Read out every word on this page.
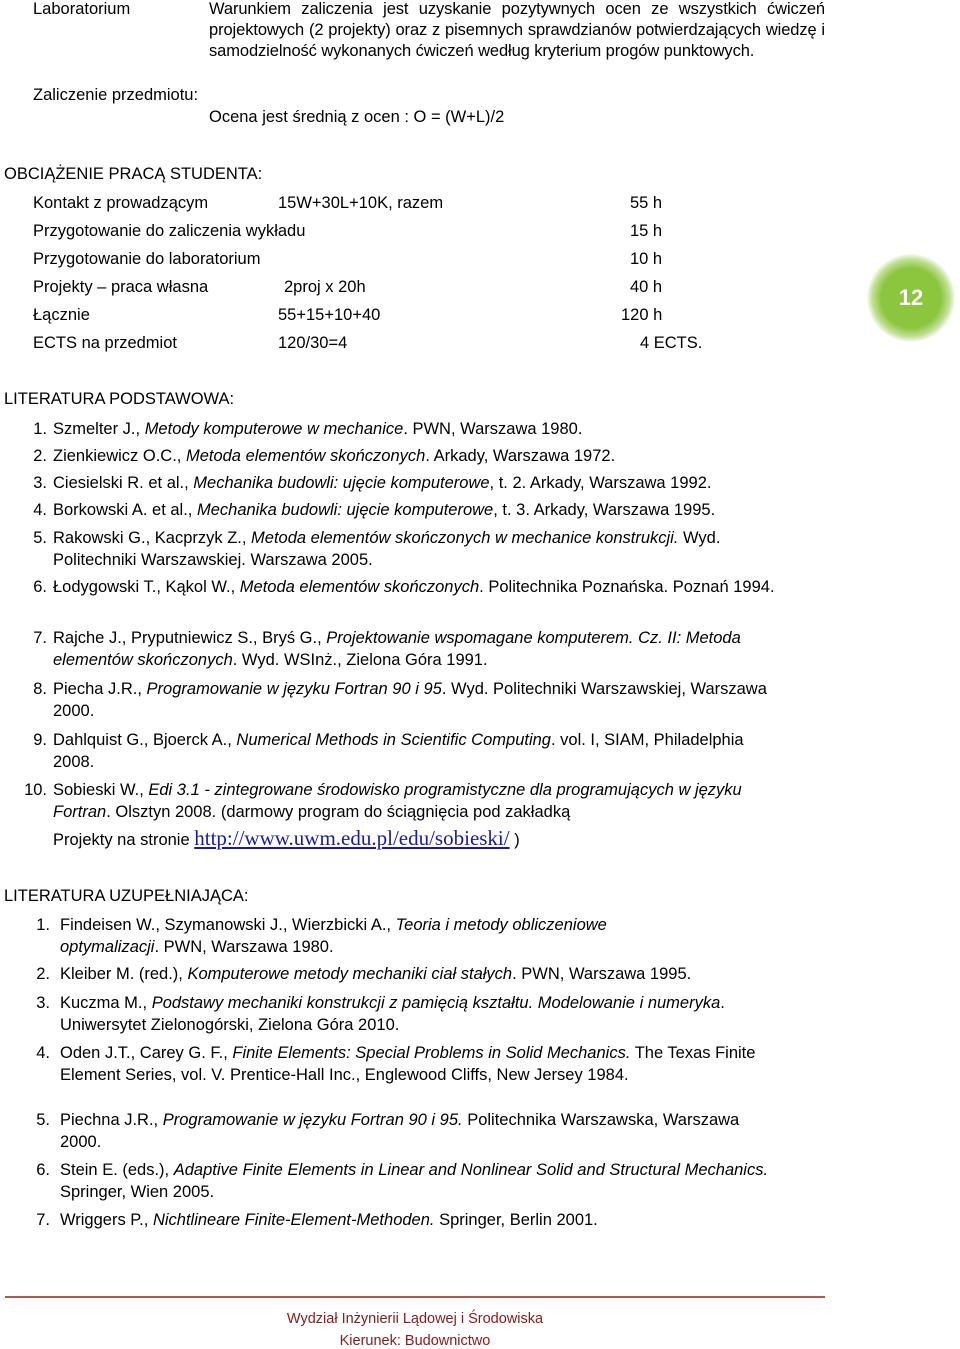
Laboratorium	Warunkiem zaliczenia jest uzyskanie pozytywnych ocen ze wszystkich ćwiczeń projektowych (2 projekty) oraz z pisemnych sprawdzianów potwierdzających wiedzę i samodzielność wykonanych ćwiczeń według kryterium progów punktowych.
Zaliczenie przedmiotu:
Ocena jest średnią z ocen : O = (W+L)/2
OBCIĄŻENIE PRACĄ STUDENTA:
Kontakt z prowadzącym	15W+30L+10K, razem	55 h
Przygotowanie do zaliczenia wykładu	15 h
Przygotowanie do laboratorium	10 h
Projekty – praca własna	2proj x 20h	40 h
Łącznie	55+15+10+40	120 h
ECTS na przedmiot	120/30=4	4 ECTS.
12
LITERATURA PODSTAWOWA:
1. Szmelter J., Metody komputerowe w mechanice. PWN, Warszawa 1980.
2. Zienkiewicz O.C., Metoda elementów skończonych. Arkady, Warszawa 1972.
3. Ciesielski R. et al., Mechanika budowli: ujęcie komputerowe, t. 2. Arkady, Warszawa 1992.
4. Borkowski A. et al., Mechanika budowli: ujęcie komputerowe, t. 3. Arkady, Warszawa 1995.
5. Rakowski G., Kacprzyk Z., Metoda elementów skończonych w mechanice konstrukcji. Wyd. Politechniki Warszawskiej. Warszawa 2005.
6. Łodygowski T., Kąkol W., Metoda elementów skończonych. Politechnika Poznańska. Poznań 1994.
7. Rajche J., Pryputniewicz S., Bryś G., Projektowanie wspomagane komputerem. Cz. II: Metoda elementów skończonych. Wyd. WSInż., Zielona Góra 1991.
8. Piecha J.R., Programowanie w języku Fortran 90 i 95. Wyd. Politechniki Warszawskiej, Warszawa 2000.
9. Dahlquist G., Bjoerck A., Numerical Methods in Scientific Computing. vol. I, SIAM, Philadelphia 2008.
10. Sobieski W., Edi 3.1 - zintegrowane środowisko programistyczne dla programujących w języku Fortran. Olsztyn 2008. (darmowy program do ściągnięcia pod zakładką
Projekty na stronie http://www.uwm.edu.pl/edu/sobieski/ )
LITERATURA UZUPEŁNIAJĄCA:
1. Findeisen W., Szymanowski J., Wierzbicki A., Teoria i metody obliczeniowe optymalizacji. PWN, Warszawa 1980.
2. Kleiber M. (red.), Komputerowe metody mechaniki ciał stałych. PWN, Warszawa 1995.
3. Kuczma M., Podstawy mechaniki konstrukcji z pamięcią kształtu. Modelowanie i numeryka. Uniwersytet Zielonogórski, Zielona Góra 2010.
4. Oden J.T., Carey G. F., Finite Elements: Special Problems in Solid Mechanics. The Texas Finite Element Series, vol. V. Prentice-Hall Inc., Englewood Cliffs, New Jersey 1984.
5. Piechna J.R., Programowanie w języku Fortran 90 i 95. Politechnika Warszawska, Warszawa 2000.
6. Stein E. (eds.), Adaptive Finite Elements in Linear and Nonlinear Solid and Structural Mechanics. Springer, Wien 2005.
7. Wriggers P., Nichtlineare Finite-Element-Methoden. Springer, Berlin 2001.
Wydział Inżynierii Lądowej i Środowiska
Kierunek: Budownictwo
